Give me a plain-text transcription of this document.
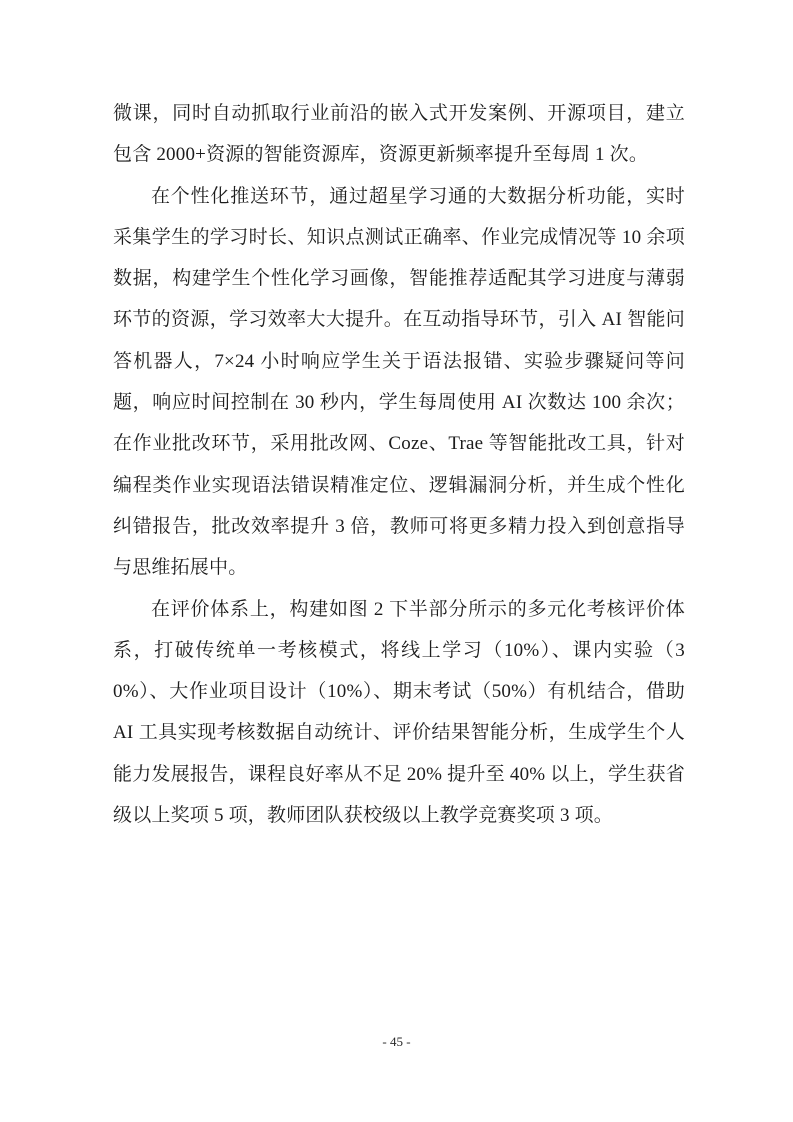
微课，同时自动抓取行业前沿的嵌入式开发案例、开源项目，建立包含 2000+资源的智能资源库，资源更新频率提升至每周 1 次。

在个性化推送环节，通过超星学习通的大数据分析功能，实时采集学生的学习时长、知识点测试正确率、作业完成情况等 10 余项数据，构建学生个性化学习画像，智能推荐适配其学习进度与薄弱环节的资源，学习效率大大提升。在互动指导环节，引入 AI 智能问答机器人，7×24 小时响应学生关于语法报错、实验步骤疑问等问题，响应时间控制在 30 秒内，学生每周使用 AI 次数达 100 余次；在作业批改环节，采用批改网、Coze、Trae 等智能批改工具，针对编程类作业实现语法错误精准定位、逻辑漏洞分析，并生成个性化纠错报告，批改效率提升 3 倍，教师可将更多精力投入到创意指导与思维拓展中。

在评价体系上，构建如图 2 下半部分所示的多元化考核评价体系，打破传统单一考核模式，将线上学习（10%）、课内实验（30%）、大作业项目设计（10%）、期末考试（50%）有机结合，借助 AI 工具实现考核数据自动统计、评价结果智能分析，生成学生个人能力发展报告，课程良好率从不足 20% 提升至 40% 以上，学生获省级以上奖项 5 项，教师团队获校级以上教学竞赛奖项 3 项。

- 45 -
